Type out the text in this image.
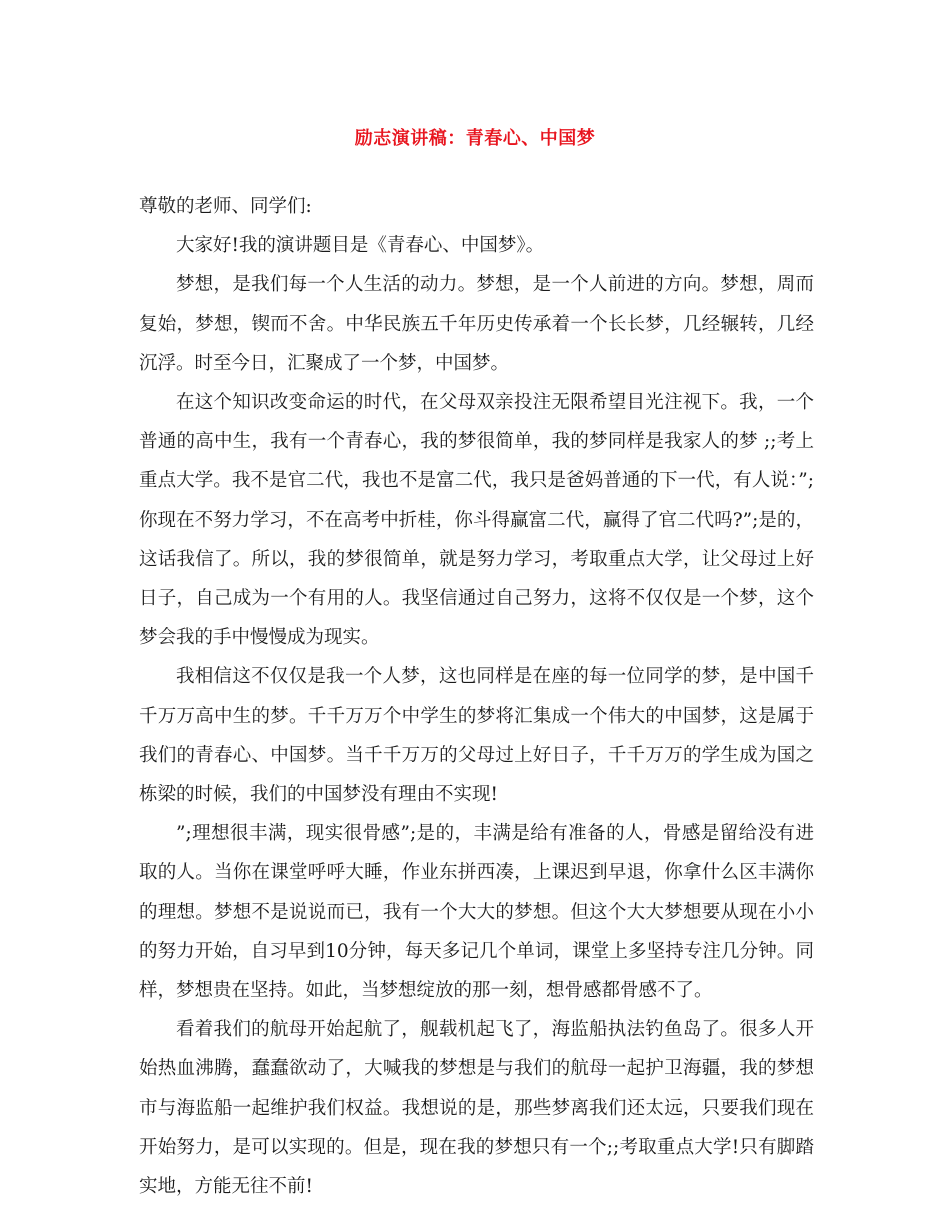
励志演讲稿：青春心、中国梦

尊敬的老师、同学们:

大家好!我的演讲题目是《青春心、中国梦》。

梦想，是我们每一个人生活的动力。梦想，是一个人前进的方向。梦想，周而复始，梦想，锲而不舍。中华民族五千年历史传承着一个长长梦，几经辗转，几经沉浮。时至今日，汇聚成了一个梦，中国梦。

在这个知识改变命运的时代，在父母双亲投注无限希望目光注视下。我，一个普通的高中生，我有一个青春心，我的梦很简单，我的梦同样是我家人的梦 ;;考上重点大学。我不是官二代，我也不是富二代，我只是爸妈普通的下一代，有人说：”;你现在不努力学习，不在高考中折桂，你斗得赢富二代，赢得了官二代吗?”;是的，这话我信了。所以，我的梦很简单，就是努力学习，考取重点大学，让父母过上好日子，自己成为一个有用的人。我坚信通过自己努力，这将不仅仅是一个梦，这个梦会我的手中慢慢成为现实。

我相信这不仅仅是我一个人梦，这也同样是在座的每一位同学的梦，是中国千千万万高中生的梦。千千万万个中学生的梦将汇集成一个伟大的中国梦，这是属于我们的青春心、中国梦。当千千万万的父母过上好日子，千千万万的学生成为国之栋梁的时候，我们的中国梦没有理由不实现!

”;理想很丰满，现实很骨感”;是的，丰满是给有准备的人，骨感是留给没有进取的人。当你在课堂呼呼大睡，作业东拼西凑，上课迟到早退，你拿什么区丰满你的理想。梦想不是说说而已，我有一个大大的梦想。但这个大大梦想要从现在小小的努力开始，自习早到10分钟，每天多记几个单词，课堂上多坚持专注几分钟。同样，梦想贵在坚持。如此，当梦想绽放的那一刻，想骨感都骨感不了。

看着我们的航母开始起航了，舰载机起飞了，海监船执法钓鱼岛了。很多人开始热血沸腾，蠢蠢欲动了，大喊我的梦想是与我们的航母一起护卫海疆，我的梦想市与海监船一起维护我们权益。我想说的是，那些梦离我们还太远，只要我们现在开始努力，是可以实现的。但是，现在我的梦想只有一个;;考取重点大学!只有脚踏实地，方能无往不前!
